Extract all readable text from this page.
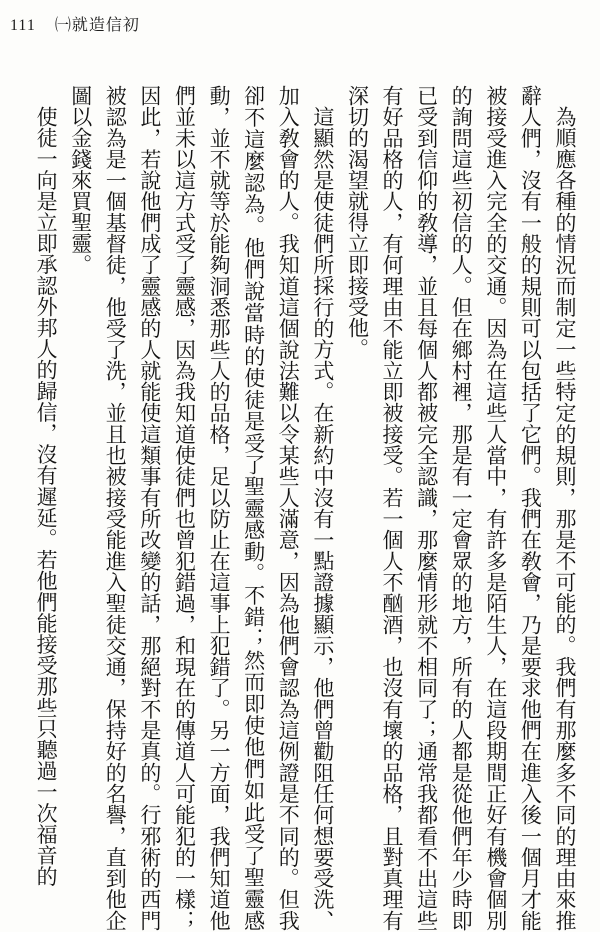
111 ㈠就造信初

為順應各種的情況而制定一些特定的規則，那是不可能的。我們有那麼多不同的理由來推辭人們，沒有一般的規則可以包括了它們。我們在敎會，乃是要求他們在進入後一個月才能被接受進入完全的交通。因為在這些人當中，有許多是陌生人，在這段期間正好有機會個別的詢問這些初信的人。但在鄉村裡，那是有一定會眾的地方，所有的人都是從他們年少時即已受到信仰的敎導，並且每個人都被完全認識，那麼情形就不相同了；通常我都看不出這些有好品格的人，有何理由不能立即被接受。若一個人不酗酒，也沒有壞的品格，且對真理有深切的渴望就得立即接受他。

這顯然是使徒們所採行的方式。在新約中沒有一點證據顯示，他們曾勸阻任何想要受洗、加入敎會的人。我知道這個說法難以令某些人滿意，因為他們會認為這例證是不同的。但我卻不這麼認為。他們說當時的使徒是受了聖靈感動。不錯；然而即使他們如此受了聖靈感動，並不就等於能夠洞悉那些人的品格，足以防止在這事上犯錯了。另一方面，我們知道他們並未以這方式受了靈感，因為我知道使徒們也曾犯錯過，和現在的傳道人可能犯的一樣；因此，若說他們成了靈感的人就能使這類事有所改變的話，那絕對不是真的。行邪術的西門被認為是一個基督徒，他受了洗，並且也被接受能進入聖徒交通，保持好的名譽，直到他企圖以金錢來買聖靈。

使徒一向是立即承認外邦人的歸信，沒有遲延。若他們能接受那些只聽過一次福音的
